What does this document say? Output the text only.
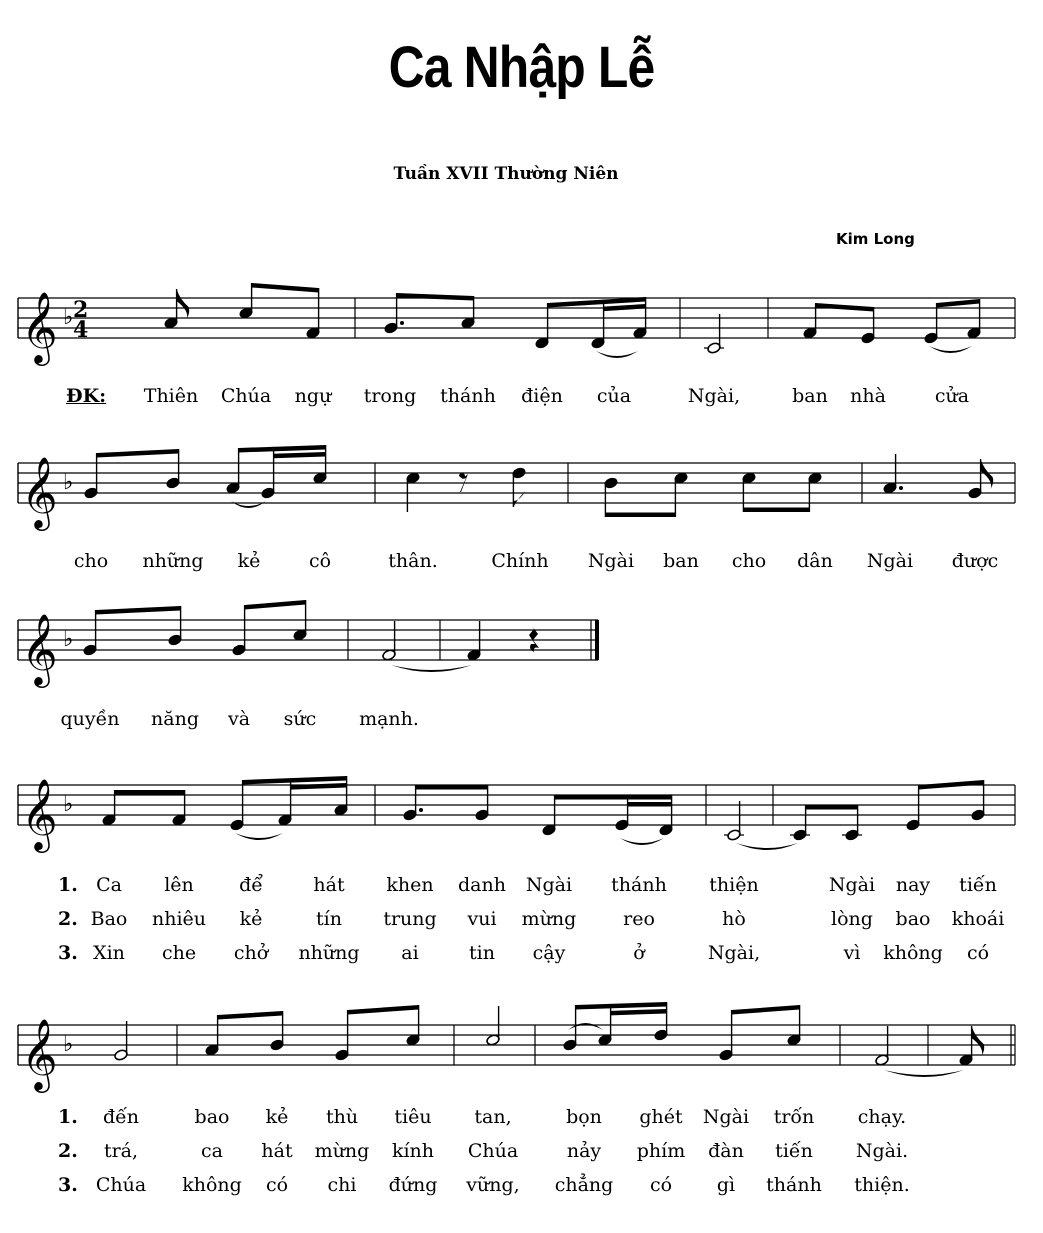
Ca Nhập Lễ
Tuần XVII Thường Niên
Kim Long
𝄞 ♭ 2
4
ĐK: Thiên Chúa ngự trong thánh điện của	Ngài,	ban nhà	cửa
𝄞 ♭
cho những kẻ	cô	thân.	Chính Ngài ban cho dân Ngài được
𝄞 ♭
quyền năng và sức mạnh.
𝄞 ♭
1. Ca lên để	hát khen danh Ngài thánh thiện	Ngài nay tiến
2. Bao nhiêu kẻ	tín trung vui mừng reo	hò	lòng bao khoái
3. Xin che chở những ai	tin cậy	ở	Ngài,	vì không có
𝄞 ♭
1. đến	bao kẻ thù tiêu tan,	bọn ghét Ngài trốn chạy.
2. trá,	ca hát mừng kính Chúa	nảy phím đàn tiến Ngài.
3. Chúa không có chi đứng vững, chẳng có gì thánh thiện.
